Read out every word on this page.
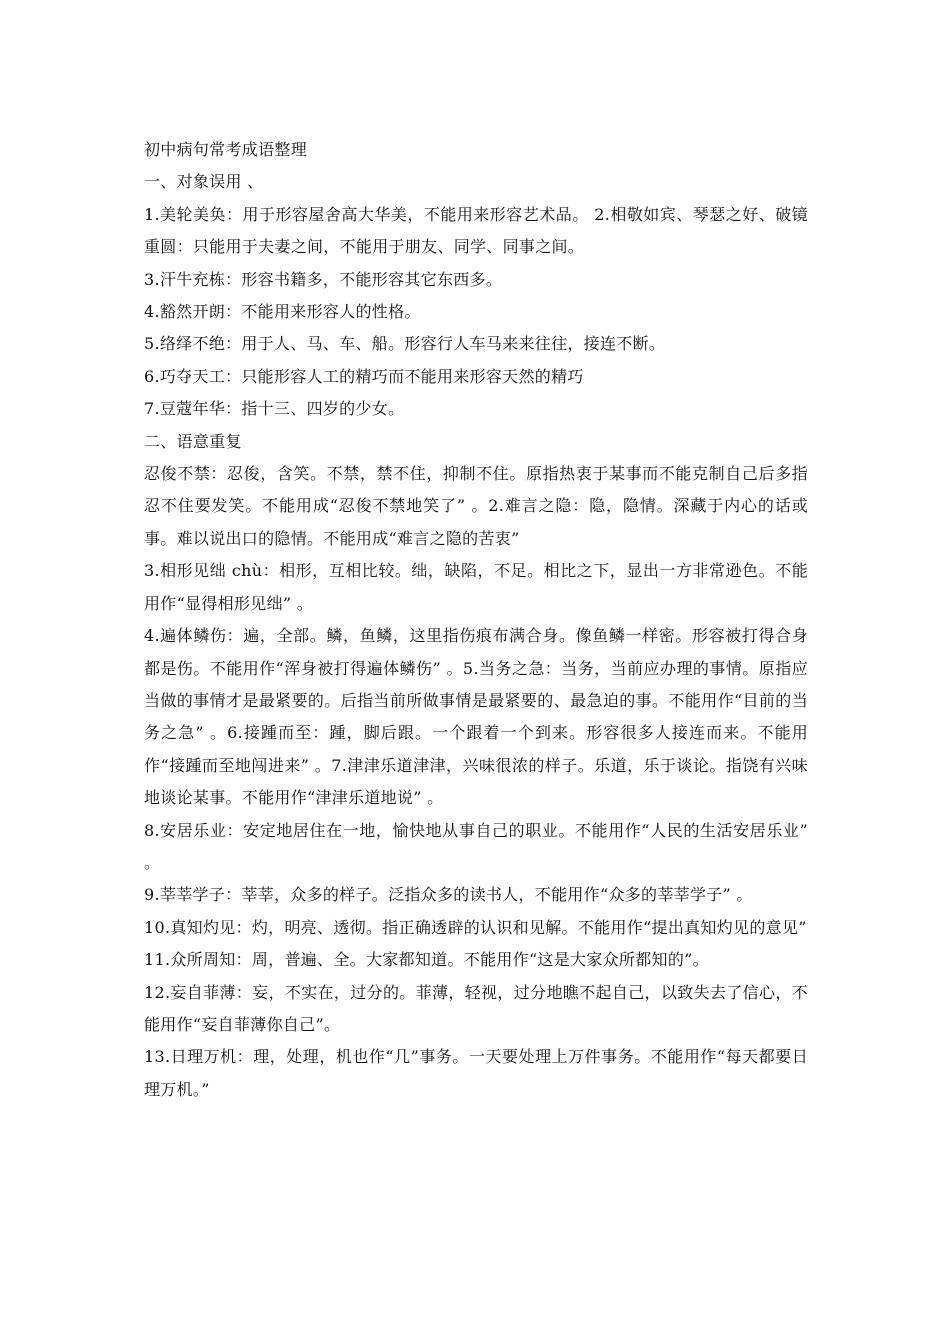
初中病句常考成语整理

一、对象误用 、

1.美轮美奂：用于形容屋舍高大华美，不能用来形容艺术品。 2.相敬如宾、琴瑟之好、破镜重圆：只能用于夫妻之间，不能用于朋友、同学、同事之间。

3.汗牛充栋：形容书籍多，不能形容其它东西多。

4.豁然开朗：不能用来形容人的性格。

5.络绎不绝：用于人、马、车、船。形容行人车马来来往往，接连不断。

6.巧夺天工：只能形容人工的精巧而不能用来形容天然的精巧

7.豆蔻年华：指十三、四岁的少女。

二、语意重复

忍俊不禁：忍俊，含笑。不禁，禁不住，抑制不住。原指热衷于某事而不能克制自己后多指忍不住要发笑。不能用成“忍俊不禁地笑了” 。2.难言之隐：隐，隐情。深藏于内心的话或事。难以说出口的隐情。不能用成“难言之隐的苦衷”

3.相形见绌 chù：相形，互相比较。绌，缺陷，不足。相比之下，显出一方非常逊色。不能用作“显得相形见绌” 。

4.遍体鳞伤：遍，全部。鳞，鱼鳞，这里指伤痕布满合身。像鱼鳞一样密。形容被打得合身都是伤。不能用作“浑身被打得遍体鳞伤” 。5.当务之急：当务，当前应办理的事情。原指应当做的事情才是最紧要的。后指当前所做事情是最紧要的、最急迫的事。不能用作“目前的当务之急” 。6.接踵而至：踵，脚后跟。一个跟着一个到来。形容很多人接连而来。不能用作“接踵而至地闯进来” 。7.津津乐道津津，兴味很浓的样子。乐道，乐于谈论。指饶有兴味地谈论某事。不能用作“津津乐道地说” 。

8.安居乐业：安定地居住在一地，愉快地从事自己的职业。不能用作“人民的生活安居乐业” 。

9.莘莘学子：莘莘，众多的样子。泛指众多的读书人，不能用作“众多的莘莘学子” 。

10.真知灼见：灼，明亮、透彻。指正确透辟的认识和见解。不能用作“提出真知灼见的意见”

11.众所周知：周，普遍、全。大家都知道。不能用作“这是大家众所都知的”。

12.妄自菲薄：妄，不实在，过分的。菲薄，轻视，过分地瞧不起自己，以致失去了信心，不能用作“妄自菲薄你自己”。

13.日理万机：理，处理，机也作“几”事务。一天要处理上万件事务。不能用作“每天都要日理万机。”
